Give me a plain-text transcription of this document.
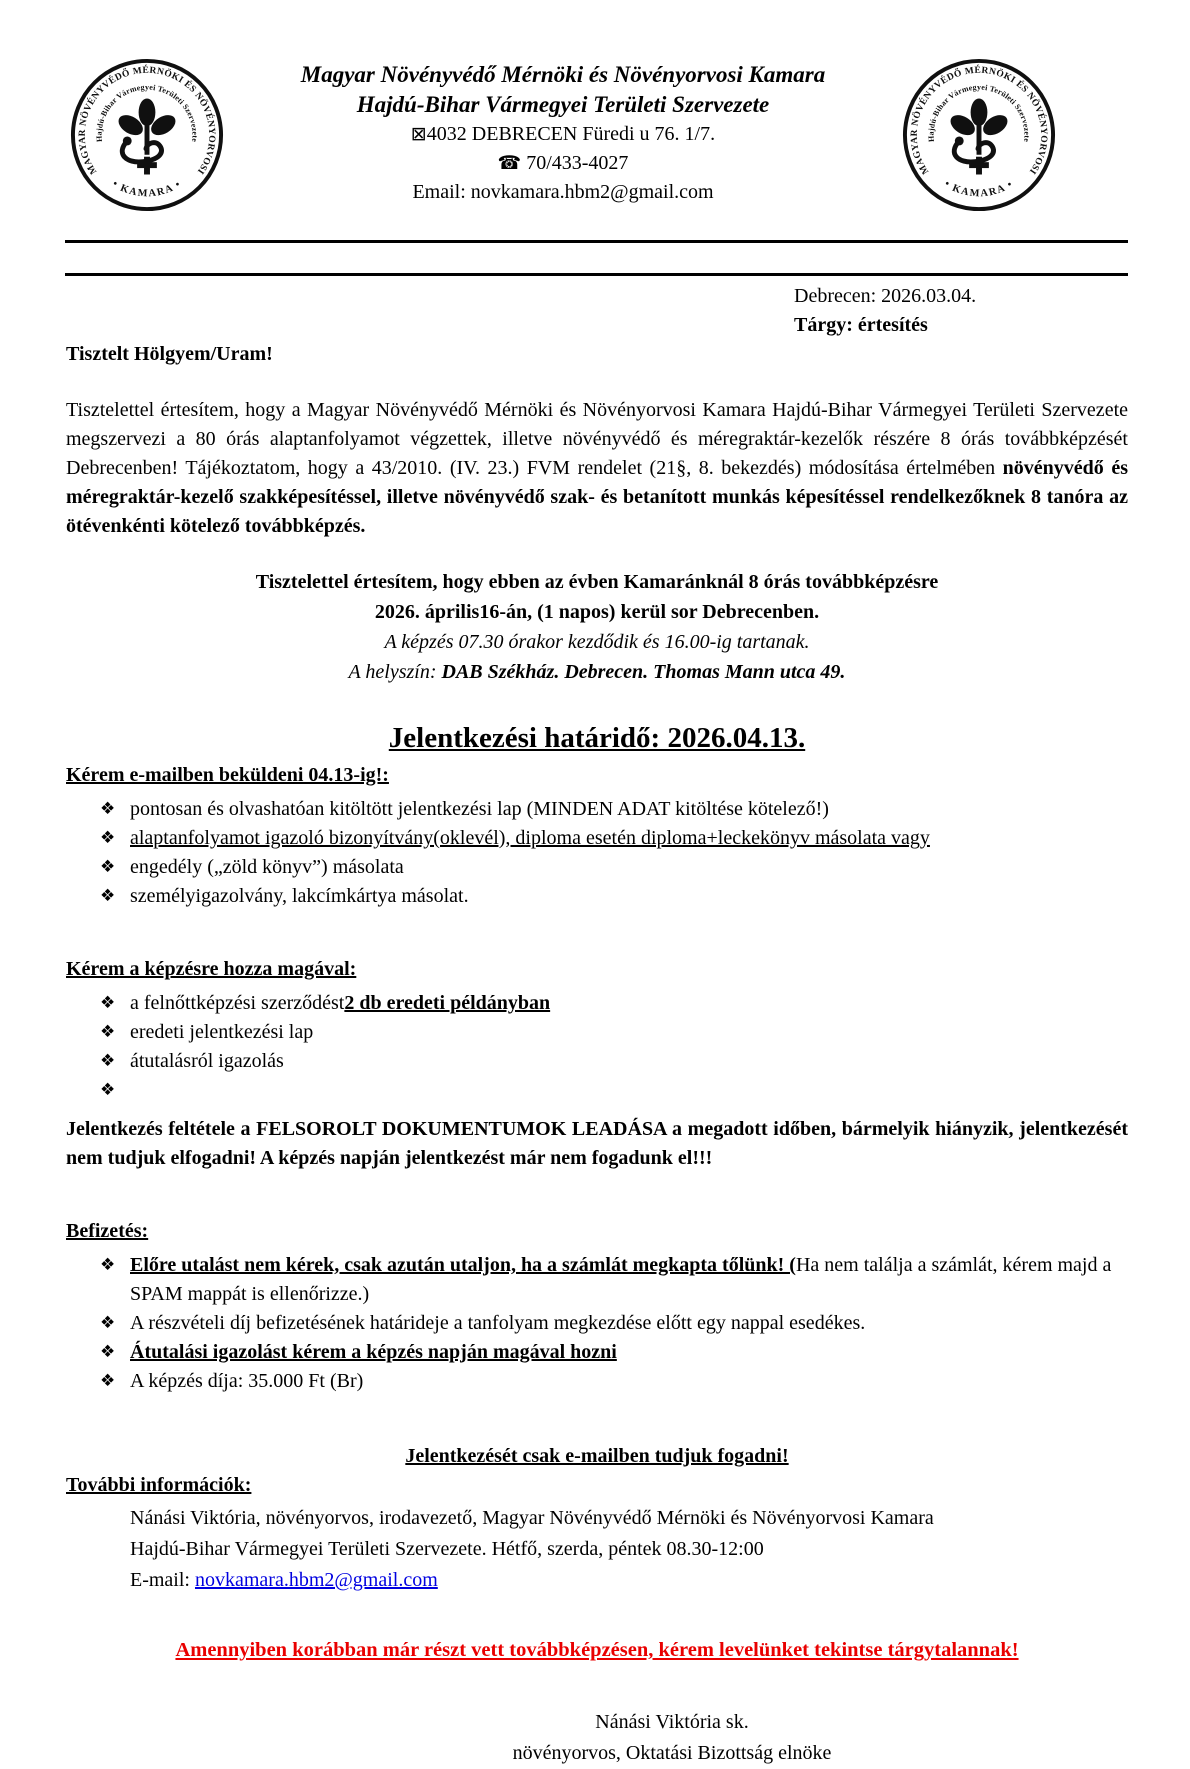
MAGYAR NÖVÉNYVÉDŐ MÉRNÖKI ÉS NÖVÉNYORVOSI
Hajdú-Bihar Vármegyei Területi Szervezete
• KAMARA •
Magyar Növényvédő Mérnöki és Növényorvosi Kamara
Hajdú-Bihar Vármegyei Területi Szervezete
⊠4032 DEBRECEN Füredi u 76. 1/7.
☎ 70/433-4027
Email: novkamara.hbm2@gmail.com
MAGYAR NÖVÉNYVÉDŐ MÉRNÖKI ÉS NÖVÉNYORVOSI
Hajdú-Bihar Vármegyei Területi Szervezete
• KAMARA •
Debrecen: 2026.03.04.
Tárgy: értesítés
Tisztelt Hölgyem/Uram!

Tisztelettel értesítem, hogy a Magyar Növényvédő Mérnöki és Növényorvosi Kamara Hajdú-Bihar Vármegyei Területi Szervezete megszervezi a 80 órás alaptanfolyamot végzettek, illetve növényvédő és méregraktár-kezelők részére 8 órás továbbképzését Debrecenben! Tájékoztatom, hogy a 43/2010. (IV. 23.) FVM rendelet (21§, 8. bekezdés) módosítása értelmében növényvédő és méregraktár-kezelő szakképesítéssel, illetve növényvédő szak- és betanított munkás képesítéssel rendelkezőknek 8 tanóra az ötévenkénti kötelező továbbképzés.

Tisztelettel értesítem, hogy ebben az évben Kamaránknál 8 órás továbbképzésre
2026. április16-án, (1 napos) kerül sor Debrecenben.
A képzés 07.30 órakor kezdődik és 16.00-ig tartanak.
A helyszín: DAB Székház. Debrecen. Thomas Mann utca 49.
Jelentkezési határidő: 2026.04.13.
Kérem e-mailben beküldeni 04.13-ig!:
❖ pontosan és olvashatóan kitöltött jelentkezési lap (MINDEN ADAT kitöltése kötelező!)
❖ alaptanfolyamot igazoló bizonyítvány(oklevél), diploma esetén diploma+leckekönyv másolata vagy
❖ engedély („zöld könyv”) másolata
❖ személyigazolvány, lakcímkártya másolat.
Kérem a képzésre hozza magával:
❖ a felnőttképzési szerződést2 db eredeti példányban
❖ eredeti jelentkezési lap
❖ átutalásról igazolás
❖

Jelentkezés feltétele a FELSOROLT DOKUMENTUMOK LEADÁSA a megadott időben, bármelyik hiányzik, jelentkezését nem tudjuk elfogadni! A képzés napján jelentkezést már nem fogadunk el!!!

Befizetés:
❖ Előre utalást nem kérek, csak azután utaljon, ha a számlát megkapta tőlünk! (Ha nem találja a számlát, kérem majd a SPAM mappát is ellenőrizze.)
❖ A részvételi díj befizetésének határideje a tanfolyam megkezdése előtt egy nappal esedékes.
❖ Átutalási igazolást kérem a képzés napján magával hozni
❖ A képzés díja: 35.000 Ft (Br)
Jelentkezését csak e-mailben tudjuk fogadni!
További információk:
Nánási Viktória, növényorvos, irodavezető, Magyar Növényvédő Mérnöki és Növényorvosi Kamara
Hajdú-Bihar Vármegyei Területi Szervezete. Hétfő, szerda, péntek 08.30-12:00
E-mail: novkamara.hbm2@gmail.com
Amennyiben korábban már részt vett továbbképzésen, kérem levelünket tekintse tárgytalannak!
Nánási Viktória sk.
növényorvos, Oktatási Bizottság elnöke
